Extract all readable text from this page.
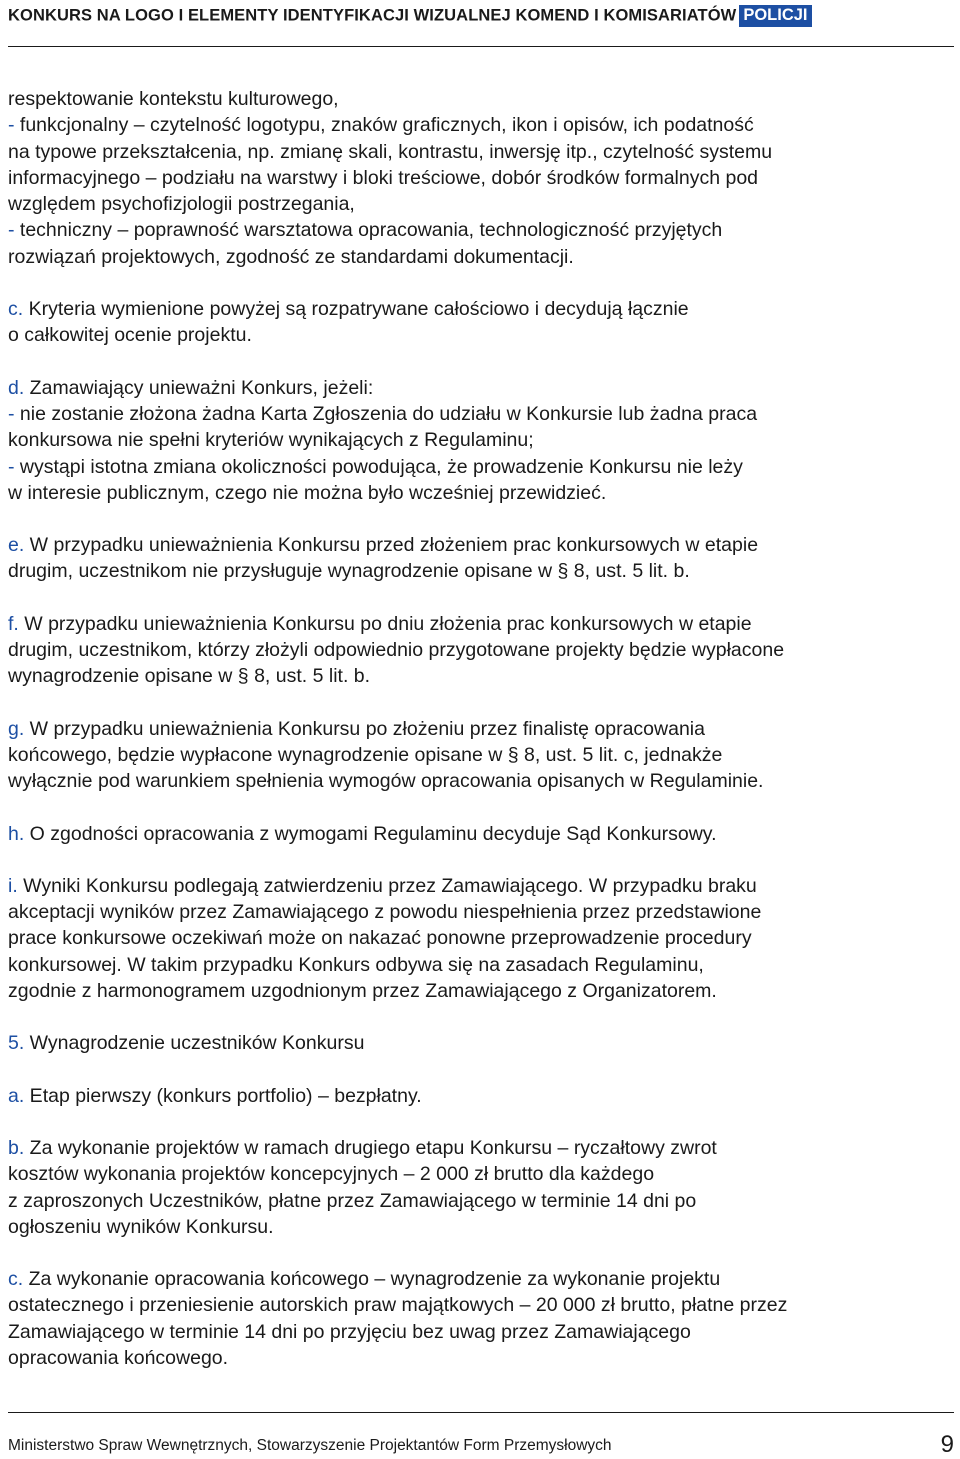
KONKURS NA LOGO I ELEMENTY IDENTYFIKACJI WIZUALNEJ KOMEND I KOMISARIATÓW POLICJI
respektowanie kontekstu kulturowego,
- funkcjonalny – czytelność logotypu, znaków graficznych, ikon i opisów, ich podatność
na typowe przekształcenia, np. zmianę skali, kontrastu, inwersję itp., czytelność systemu
informacyjnego – podziału na warstwy i bloki treściowe, dobór środków formalnych pod
względem psychofizjologii postrzegania,
- techniczny – poprawność warsztatowa opracowania, technologiczność przyjętych
rozwiązań projektowych, zgodność ze standardami dokumentacji.
c. Kryteria wymienione powyżej są rozpatrywane całościowo i decydują łącznie
o całkowitej ocenie projektu.
d. Zamawiający unieważni Konkurs, jeżeli:
- nie zostanie złożona żadna Karta Zgłoszenia do udziału w Konkursie lub żadna praca
konkursowa nie spełni kryteriów wynikających z Regulaminu;
- wystąpi istotna zmiana okoliczności powodująca, że prowadzenie Konkursu nie leży
w interesie publicznym, czego nie można było wcześniej przewidzieć.
e. W przypadku unieważnienia Konkursu przed złożeniem prac konkursowych w etapie
drugim, uczestnikom nie przysługuje wynagrodzenie opisane w § 8, ust. 5 lit. b.
f. W przypadku unieważnienia Konkursu po dniu złożenia prac konkursowych w etapie
drugim, uczestnikom, którzy złożyli odpowiednio przygotowane projekty będzie wypłacone
wynagrodzenie opisane w § 8, ust. 5 lit. b.
g. W przypadku unieważnienia Konkursu po złożeniu przez finalistę opracowania
końcowego, będzie wypłacone wynagrodzenie opisane w § 8, ust. 5 lit. c, jednakże
wyłącznie pod warunkiem spełnienia wymogów opracowania opisanych w Regulaminie.
h. O zgodności opracowania z wymogami Regulaminu decyduje Sąd Konkursowy.
i. Wyniki Konkursu podlegają zatwierdzeniu przez Zamawiającego. W przypadku braku
akceptacji wyników przez Zamawiającego z powodu niespełnienia przez przedstawione
prace konkursowe oczekiwań może on nakazać ponowne przeprowadzenie procedury
konkursowej. W takim przypadku Konkurs odbywa się na zasadach Regulaminu,
zgodnie z harmonogramem uzgodnionym przez Zamawiającego z Organizatorem.
5. Wynagrodzenie uczestników Konkursu
a. Etap pierwszy (konkurs portfolio) – bezpłatny.
b. Za wykonanie projektów w ramach drugiego etapu Konkursu – ryczałtowy zwrot
kosztów wykonania projektów koncepcyjnych – 2 000 zł brutto dla każdego
z zaproszonych Uczestników, płatne przez Zamawiającego w terminie 14 dni po
ogłoszeniu wyników Konkursu.
c. Za wykonanie opracowania końcowego – wynagrodzenie za wykonanie projektu
ostatecznego i przeniesienie autorskich praw majątkowych – 20 000 zł brutto, płatne przez
Zamawiającego w terminie 14 dni po przyjęciu bez uwag przez Zamawiającego
opracowania końcowego.
Ministerstwo Spraw Wewnętrznych, Stowarzyszenie Projektantów Form Przemysłowych	9
